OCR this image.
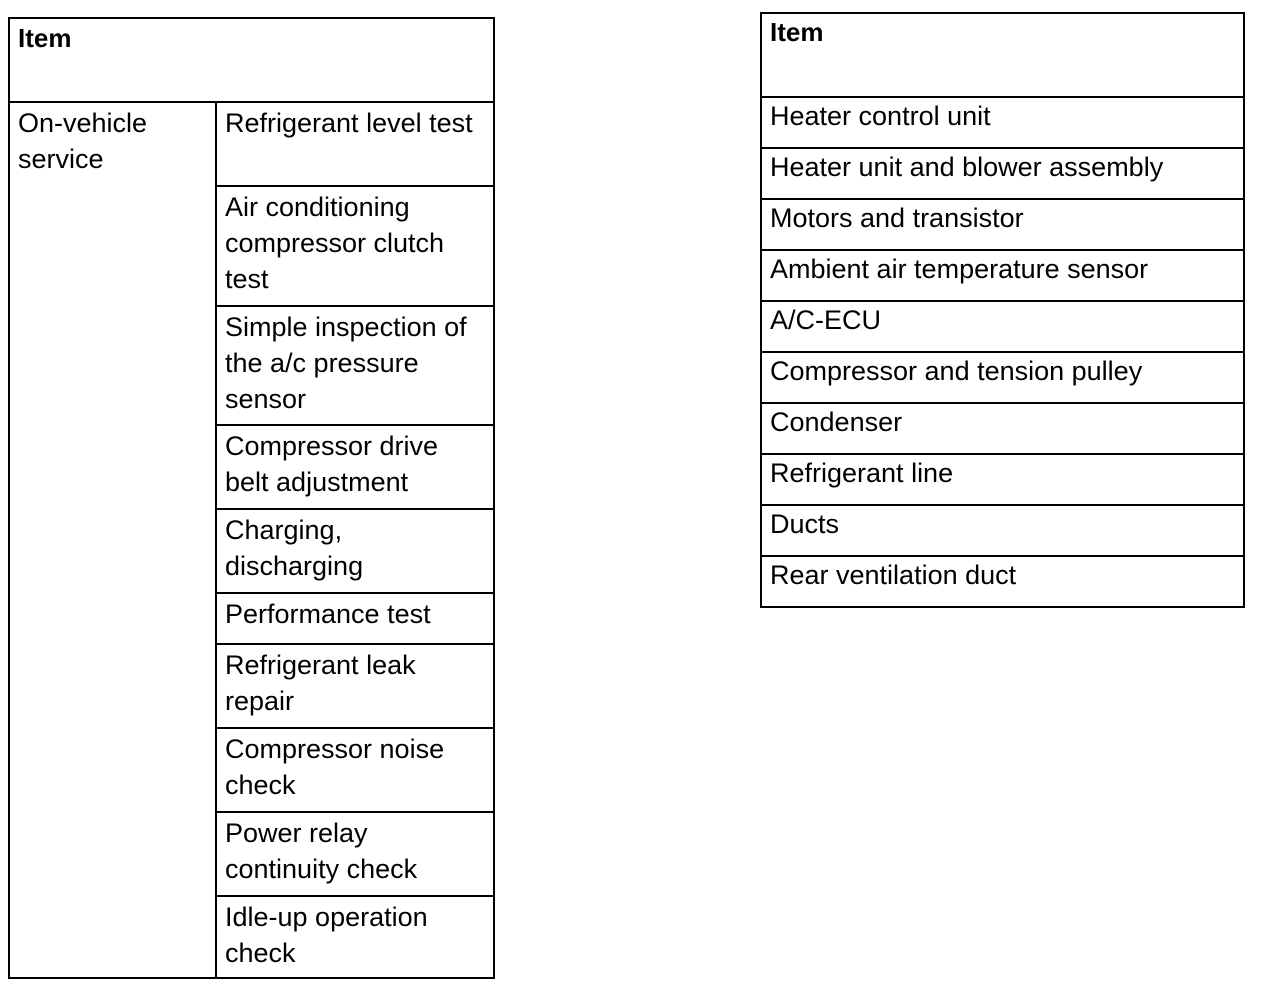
Item
On-vehicle service	Refrigerant level test
Air conditioning compressor clutch test
Simple inspection of the a/c pressure sensor
Compressor drive belt adjustment
Charging, discharging
Performance test
Refrigerant leak repair
Compressor noise check
Power relay continuity check
Idle-up operation check
Item
Heater control unit
Heater unit and blower assembly
Motors and transistor
Ambient air temperature sensor
A/C-ECU
Compressor and tension pulley
Condenser
Refrigerant line
Ducts
Rear ventilation duct
